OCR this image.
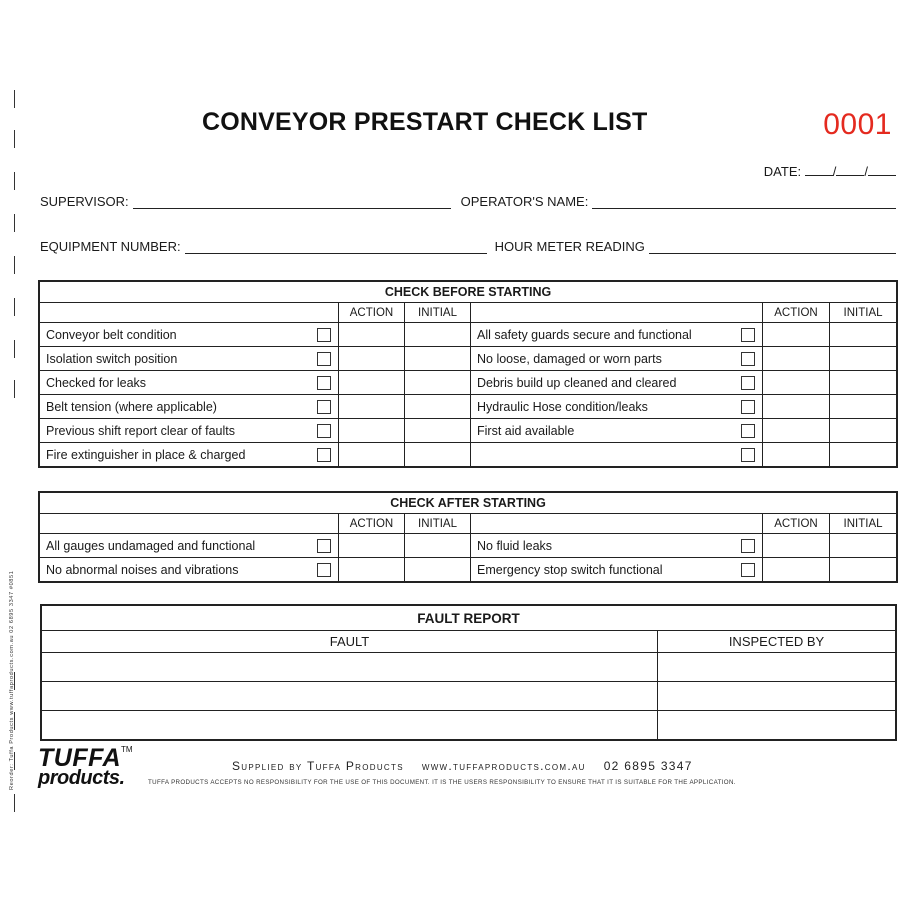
Reorder: Tuffa Products www.tuffaproducts.com.au 02 6895 3347 #0851
CONVEYOR PRESTART CHECK LIST	0001
DATE: / /
SUPERVISOR:	OPERATOR'S NAME:
EQUIPMENT NUMBER:	HOUR METER READING
CHECK BEFORE STARTING							
		ACTION	INITIAL			ACTION	INITIAL
Conveyor belt condition				All safety guards secure and functional			
Isolation switch position				No loose, damaged or worn parts			
Checked for leaks				Debris build up cleaned and cleared			
Belt tension (where applicable)				Hydraulic Hose condition/leaks			
Previous shift report clear of faults				First aid available			
Fire extinguisher in place & charged							
CHECK AFTER STARTING							
		ACTION	INITIAL			ACTION	INITIAL
All gauges undamaged and functional				No fluid leaks			
No abnormal noises and vibrations				Emergency stop switch functional			
FAULT REPORT	
FAULT	INSPECTED BY

TUFFA™
products.
Supplied by Tuffa Products www.tuffaproducts.com.au 02 6895 3347
TUFFA PRODUCTS ACCEPTS NO RESPONSIBILITY FOR THE USE OF THIS DOCUMENT. IT IS THE USERS RESPONSIBILITY TO ENSURE THAT IT IS SUITABLE FOR THE APPLICATION.
